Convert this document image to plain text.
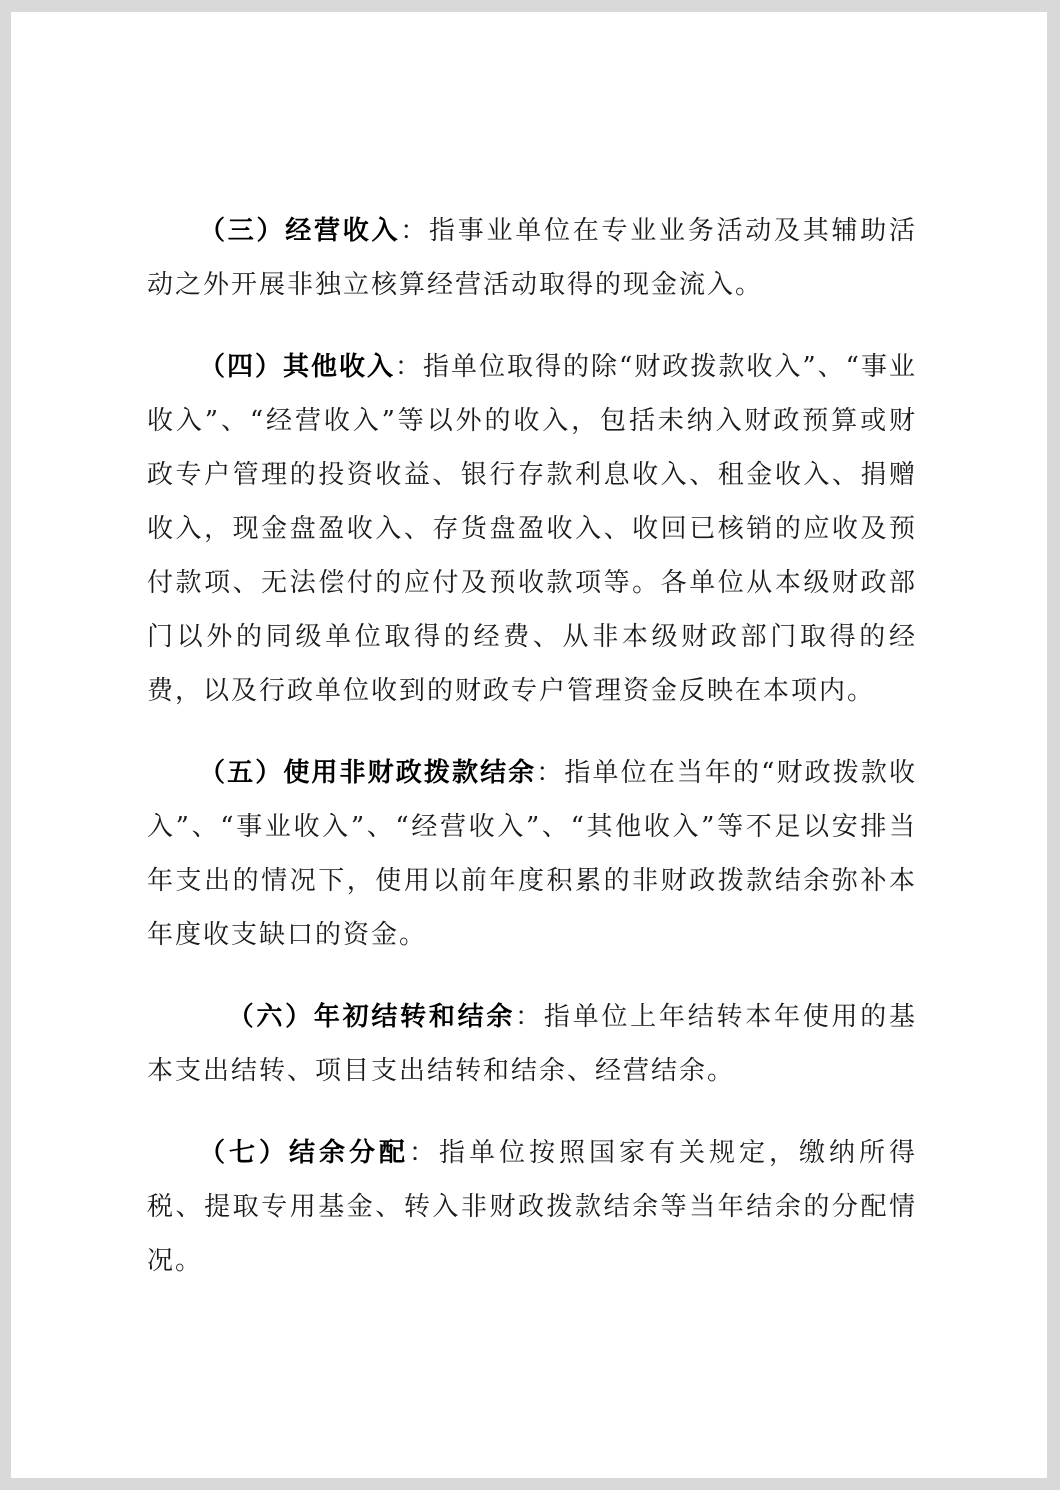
（三）经营收入：指事业单位在专业业务活动及其辅助活动之外开展非独立核算经营活动取得的现金流入。

（四）其他收入：指单位取得的除“财政拨款收入”、“事业收入”、“经营收入”等以外的收入，包括未纳入财政预算或财政专户管理的投资收益、银行存款利息收入、租金收入、捐赠收入，现金盘盈收入、存货盘盈收入、收回已核销的应收及预付款项、无法偿付的应付及预收款项等。各单位从本级财政部门以外的同级单位取得的经费、从非本级财政部门取得的经费，以及行政单位收到的财政专户管理资金反映在本项内。

（五）使用非财政拨款结余：指单位在当年的“财政拨款收入”、“事业收入”、“经营收入”、“其他收入”等不足以安排当年支出的情况下，使用以前年度积累的非财政拨款结余弥补本年度收支缺口的资金。

（六）年初结转和结余：指单位上年结转本年使用的基本支出结转、项目支出结转和结余、经营结余。

（七）结余分配：指单位按照国家有关规定，缴纳所得税、提取专用基金、转入非财政拨款结余等当年结余的分配情况。
